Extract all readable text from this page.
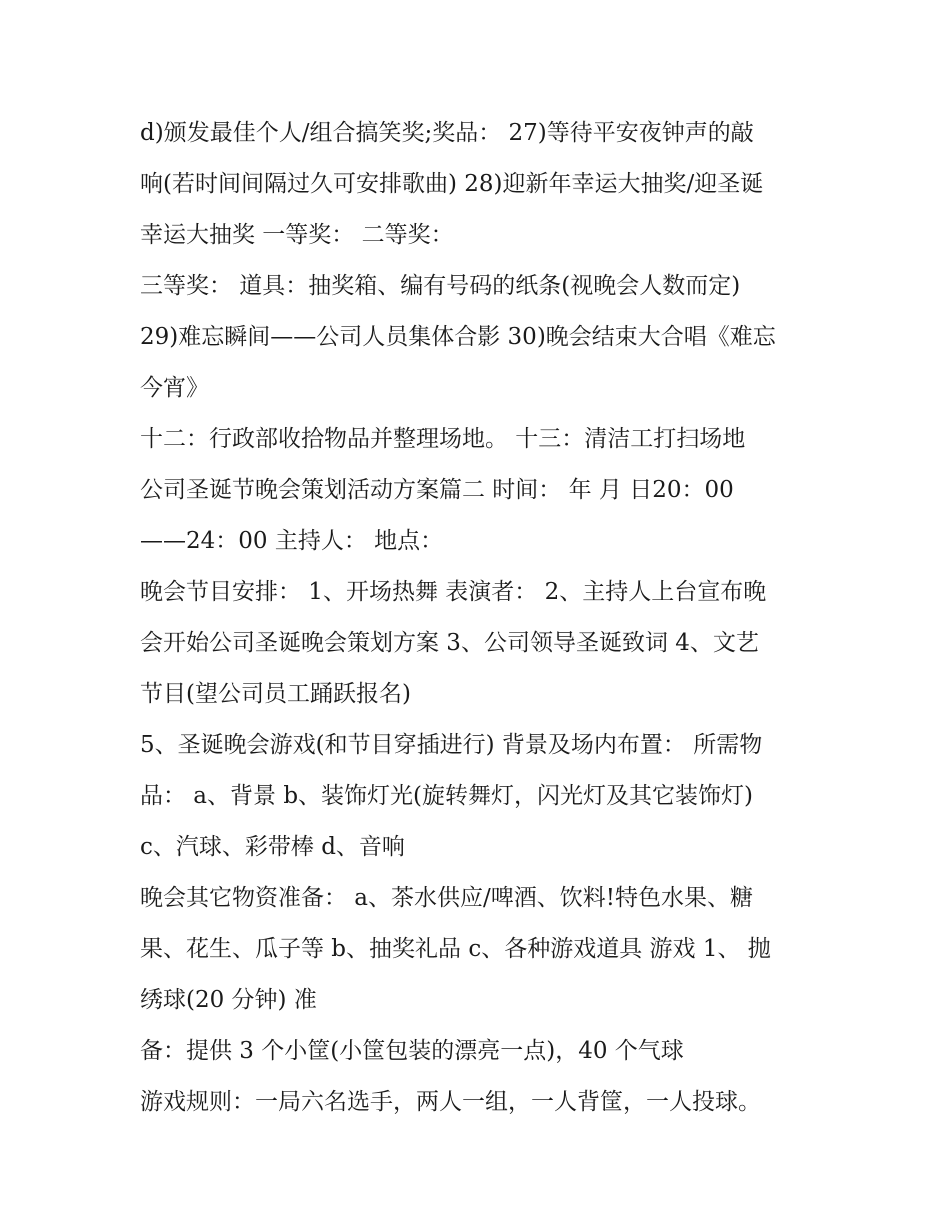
d)颁发最佳个人/组合搞笑奖;奖品： 27)等待平安夜钟声的敲
响(若时间间隔过久可安排歌曲) 28)迎新年幸运大抽奖/迎圣诞
幸运大抽奖 一等奖： 二等奖：
三等奖： 道具：抽奖箱、编有号码的纸条(视晚会人数而定)
29)难忘瞬间——公司人员集体合影 30)晚会结束大合唱《难忘
今宵》
十二：行政部收拾物品并整理场地。 十三：清洁工打扫场地
公司圣诞节晚会策划活动方案篇二 时间： 年 月 日20：00
——24：00 主持人： 地点：
晚会节目安排： 1、开场热舞 表演者： 2、主持人上台宣布晚
会开始公司圣诞晚会策划方案 3、公司领导圣诞致词 4、文艺
节目(望公司员工踊跃报名)
5、圣诞晚会游戏(和节目穿插进行) 背景及场内布置： 所需物
品： a、背景 b、装饰灯光(旋转舞灯，闪光灯及其它装饰灯)
c、汽球、彩带棒 d、音响
晚会其它物资准备： a、茶水供应/啤酒、饮料!特色水果、糖
果、花生、瓜子等 b、抽奖礼品 c、各种游戏道具 游戏 1、 抛
绣球(20 分钟) 准
备：提供 3 个小筐(小筐包装的漂亮一点)，40 个气球
游戏规则：一局六名选手，两人一组，一人背筐，一人投球。
